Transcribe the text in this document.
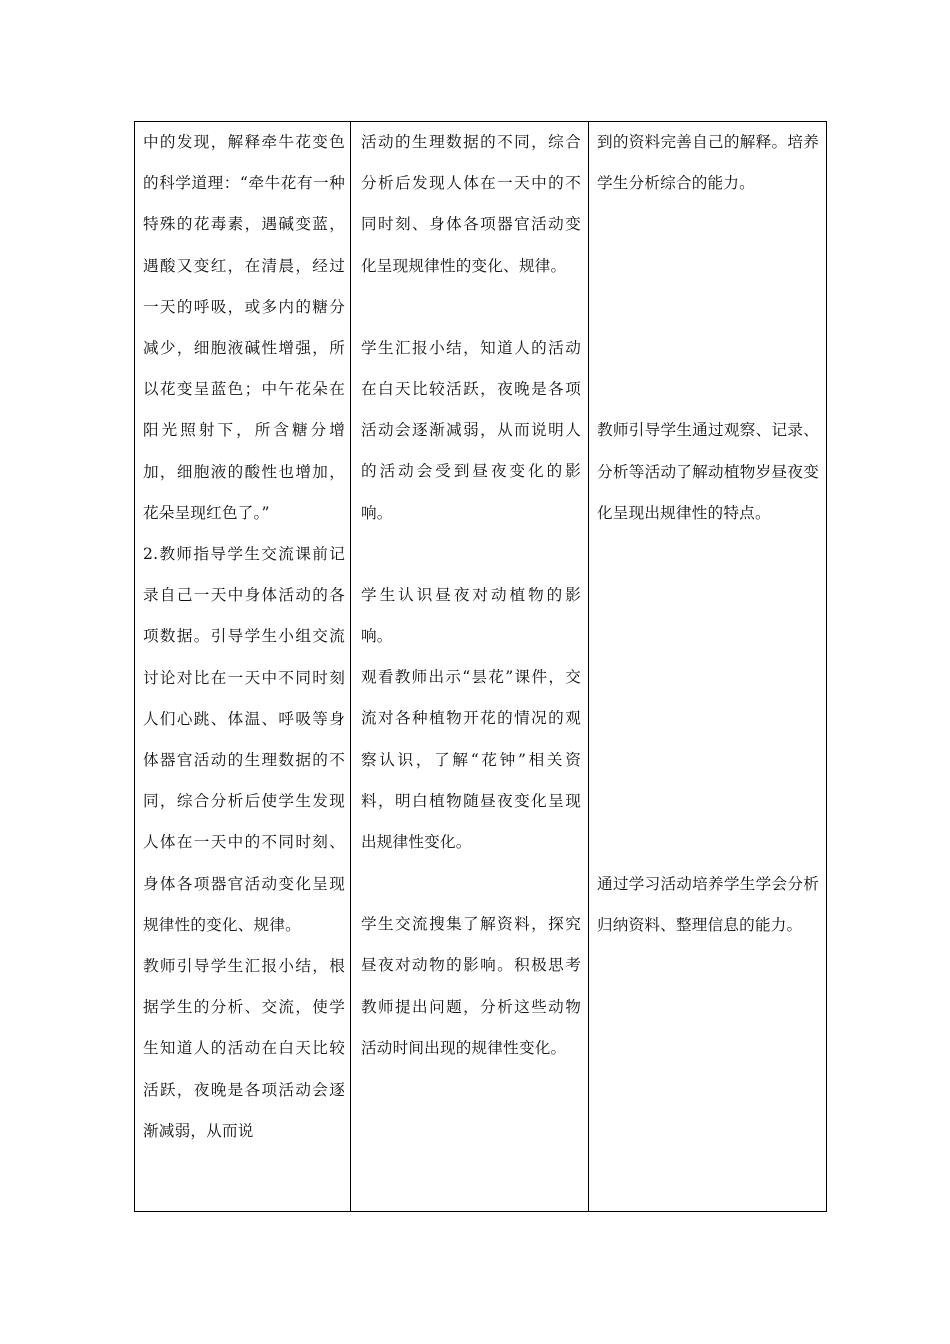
中的发现，解释牵牛花变色的科学道理：“牵牛花有一种特殊的花毒素，遇碱变蓝，遇酸又变红，在清晨，经过一天的呼吸，或多内的糖分减少，细胞液碱性增强，所以花变呈蓝色；中午花朵在阳光照射下，所含糖分增加，细胞液的酸性也增加，花朵呈现红色了。”

2.教师指导学生交流课前记录自己一天中身体活动的各项数据。引导学生小组交流讨论对比在一天中不同时刻人们心跳、体温、呼吸等身体器官活动的生理数据的不同，综合分析后使学生发现人体在一天中的不同时刻、身体各项器官活动变化呈现规律性的变化、规律。

教师引导学生汇报小结，根据学生的分析、交流，使学生知道人的活动在白天比较活跃，夜晚是各项活动会逐渐减弱，从而说

活动的生理数据的不同，综合分析后发现人体在一天中的不同时刻、身体各项器官活动变化呈现规律性的变化、规律。

学生汇报小结，知道人的活动在白天比较活跃，夜晚是各项活动会逐渐减弱，从而说明人的活动会受到昼夜变化的影响。

学生认识昼夜对动植物的影响。

观看教师出示“昙花”课件，交流对各种植物开花的情况的观察认识，了解“花钟”相关资料，明白植物随昼夜变化呈现出规律性变化。

学生交流搜集了解资料，探究昼夜对动物的影响。积极思考教师提出问题，分析这些动物活动时间出现的规律性变化。

到的资料完善自己的解释。培养学生分析综合的能力。

教师引导学生通过观察、记录、分析等活动了解动植物岁昼夜变化呈现出规律性的特点。

通过学习活动培养学生学会分析归纳资料、整理信息的能力。
